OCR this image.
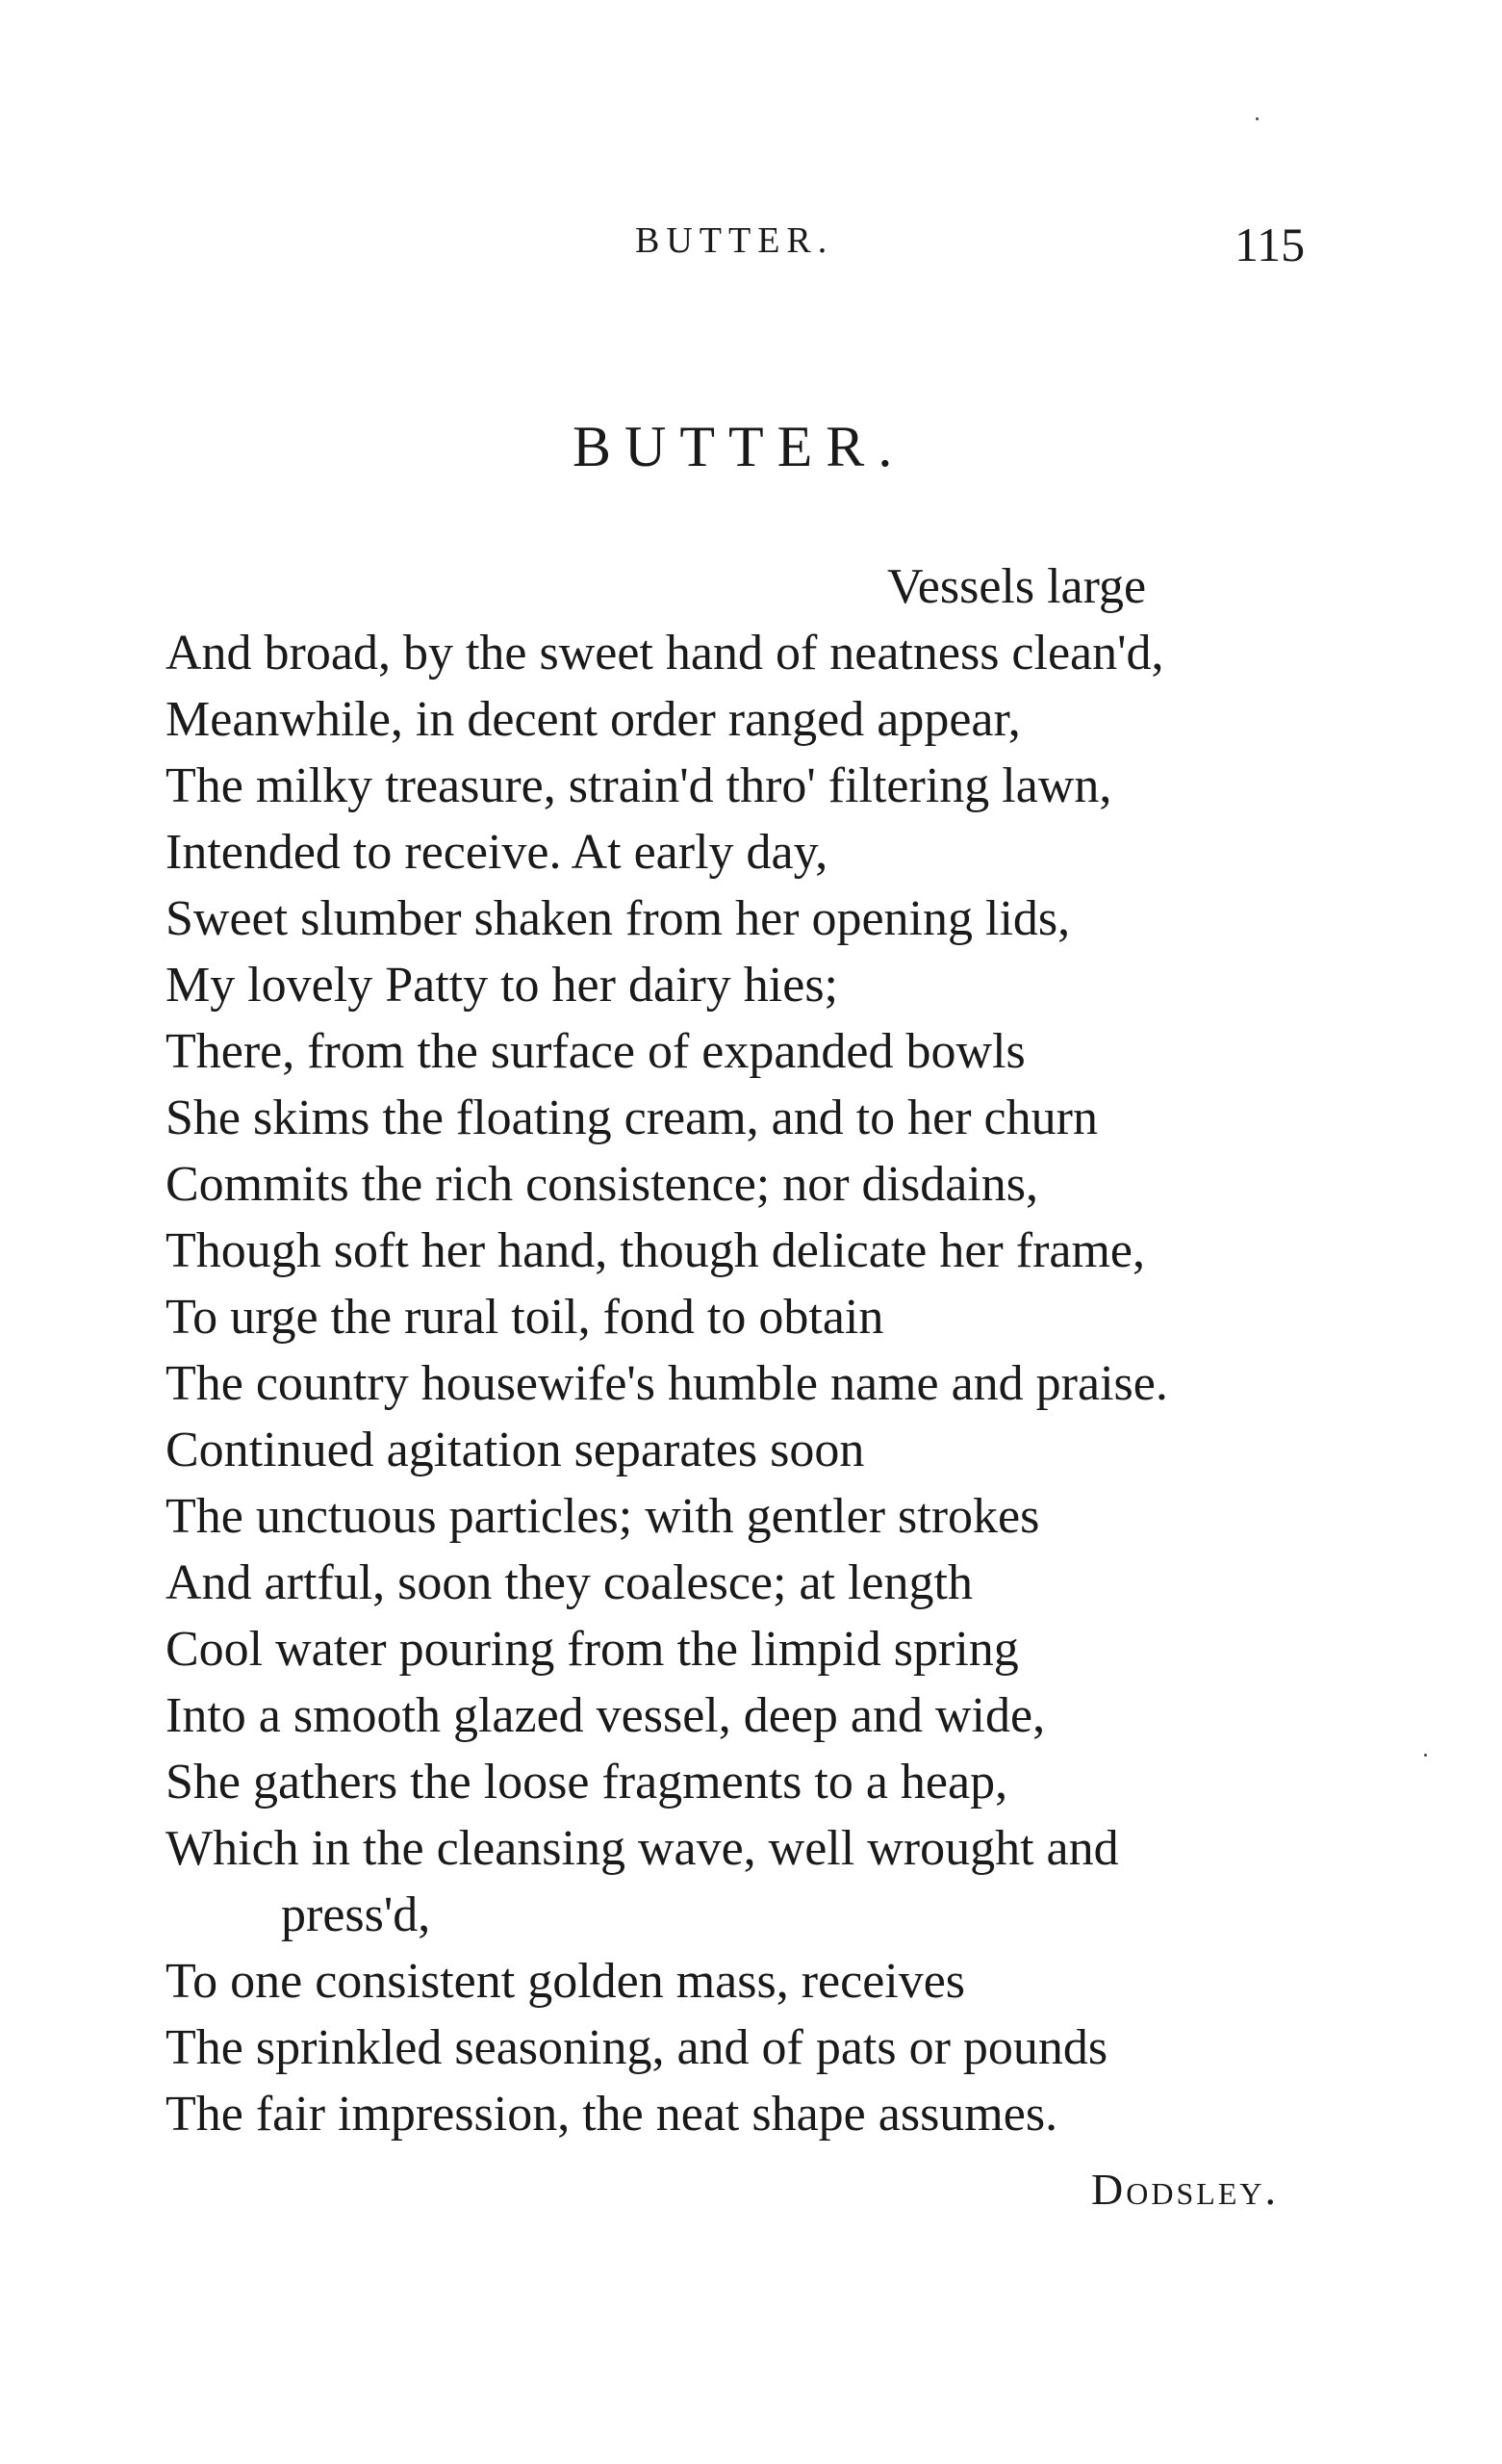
BUTTER.	115
BUTTER.
Vessels large
And broad, by the sweet hand of neatness clean'd,
Meanwhile, in decent order ranged appear,
The milky treasure, strain'd thro' filtering lawn,
Intended to receive. At early day,
Sweet slumber shaken from her opening lids,
My lovely Patty to her dairy hies;
There, from the surface of expanded bowls
She skims the floating cream, and to her churn
Commits the rich consistence; nor disdains,
Though soft her hand, though delicate her frame,
To urge the rural toil, fond to obtain
The country housewife's humble name and praise.
Continued agitation separates soon
The unctuous particles; with gentler strokes
And artful, soon they coalesce; at length
Cool water pouring from the limpid spring
Into a smooth glazed vessel, deep and wide,
She gathers the loose fragments to a heap,
Which in the cleansing wave, well wrought and
press'd,
To one consistent golden mass, receives
The sprinkled seasoning, and of pats or pounds
The fair impression, the neat shape assumes.
Dodsley.
